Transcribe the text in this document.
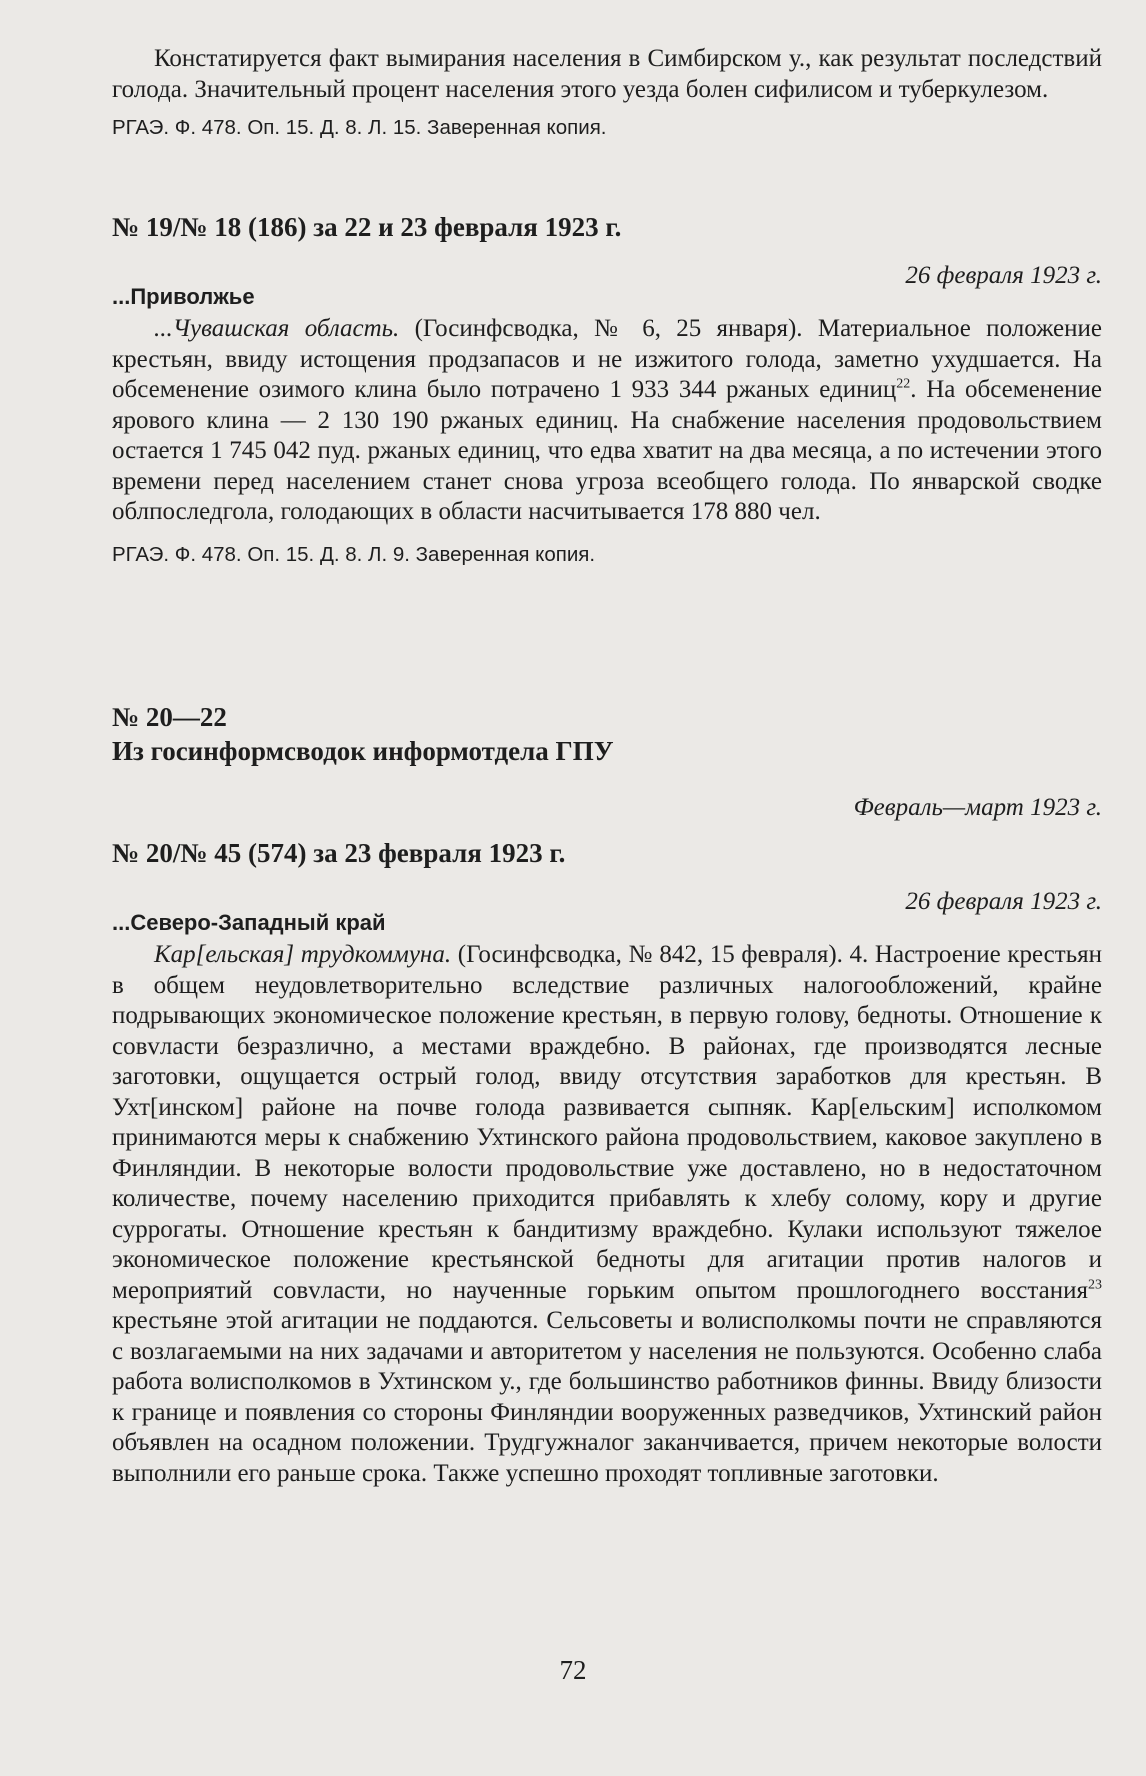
Констатируется факт вымирания населения в Симбирском у., как результат последствий голода. Значительный процент населения этого уезда болен сифилисом и туберкулезом.

РГАЭ. Ф. 478. Оп. 15. Д. 8. Л. 15. Заверенная копия.

№ 19/№ 18 (186) за 22 и 23 февраля 1923 г.

26 февраля 1923 г.

...Приволжье

...Чувашская область. (Госинфсводка, № 6, 25 января). Материальное положение крестьян, ввиду истощения продзапасов и не изжитого голода, заметно ухудшается. На обсеменение озимого клина было потрачено 1 933 344 ржаных единиц$^{22}$. На обсеменение ярового клина — 2 130 190 ржаных единиц. На снабжение населения продовольствием остается 1 745 042 пуд. ржаных единиц, что едва хватит на два месяца, а по истечении этого времени перед населением станет снова угроза всеобщего голода. По январской сводке облпоследгола, голодающих в области насчитывается 178 880 чел.

РГАЭ. Ф. 478. Оп. 15. Д. 8. Л. 9. Заверенная копия.

№ 20—22

Из госинформсводок информотдела ГПУ

Февраль—март 1923 г.

№ 20/№ 45 (574) за 23 февраля 1923 г.

26 февраля 1923 г.

...Северо-Западный край

Кар[ельская] трудкоммуна. (Госинфсводка, № 842, 15 февраля). 4. Настроение крестьян в общем неудовлетворительно вследствие различных налогообложений, крайне подрывающих экономическое положение крестьян, в первую голову, бедноты. Отношение к совvласти безразлично, а местами враждебно. В районах, где производятся лесные заготовки, ощущается острый голод, ввиду отсутствия заработков для крестьян. В Ухт[инском] районе на почве голода развивается сыпняк. Кар[ельским] исполкомом принимаются меры к снабжению Ухтинского района продовольствием, каковое закуплено в Финляндии. В некоторые волости продовольствие уже доставлено, но в недостаточном количестве, почему населению приходится прибавлять к хлебу солому, кору и другие суррогаты. Отношение крестьян к бандитизму враждебно. Кулаки используют тяжелое экономическое положение крестьянской бедноты для агитации против налогов и мероприятий совvласти, но наученные горьким опытом прошлогоднего восстания$^{23}$ крестьяне этой агитации не поддаются. Сельсоветы и волисполкомы почти не справляются с возлагаемыми на них задачами и авторитетом у населения не пользуются. Особенно слаба работа волисполкомов в Ухтинском у., где большинство работников финны. Ввиду близости к границе и появления со стороны Финляндии вооруженных разведчиков, Ухтинский район объявлен на осадном положении. Трудгужналог заканчивается, причем некоторые волости выполнили его раньше срока. Также успешно проходят топливные заготовки.

72
